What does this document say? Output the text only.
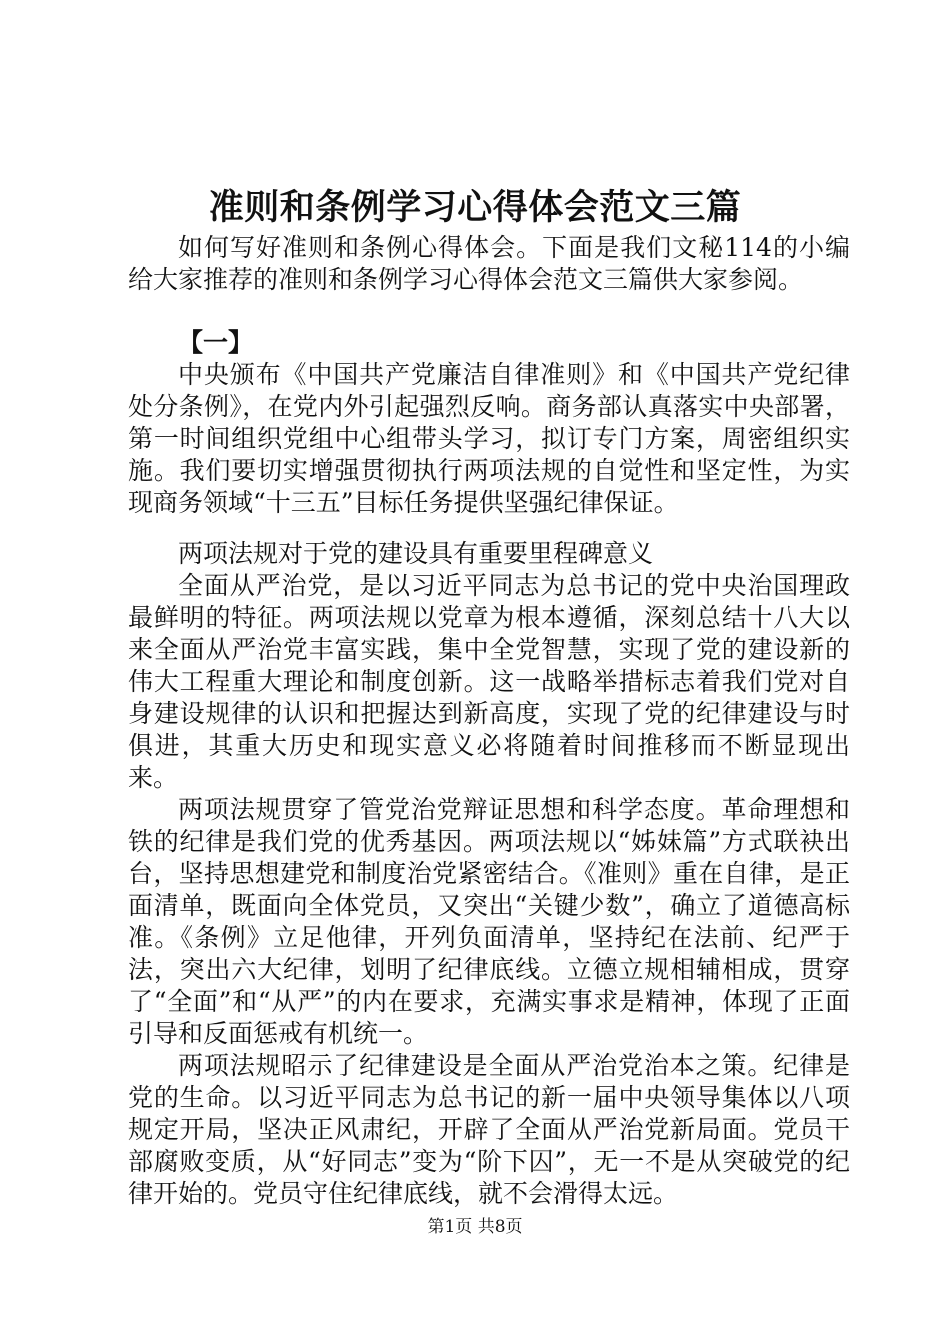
准则和条例学习心得体会范文三篇

如何写好准则和条例心得体会。下面是我们文秘114的小编给大家推荐的准则和条例学习心得体会范文三篇供大家参阅。

【一】

中央颁布《中国共产党廉洁自律准则》和《中国共产党纪律处分条例》，在党内外引起强烈反响。商务部认真落实中央部署，第一时间组织党组中心组带头学习，拟订专门方案，周密组织实施。我们要切实增强贯彻执行两项法规的自觉性和坚定性，为实现商务领域“十三五”目标任务提供坚强纪律保证。

两项法规对于党的建设具有重要里程碑意义

全面从严治党，是以习近平同志为总书记的党中央治国理政最鲜明的特征。两项法规以党章为根本遵循，深刻总结十八大以来全面从严治党丰富实践，集中全党智慧，实现了党的建设新的伟大工程重大理论和制度创新。这一战略举措标志着我们党对自身建设规律的认识和把握达到新高度，实现了党的纪律建设与时俱进，其重大历史和现实意义必将随着时间推移而不断显现出来。

两项法规贯穿了管党治党辩证思想和科学态度。革命理想和铁的纪律是我们党的优秀基因。两项法规以“姊妹篇”方式联袂出台，坚持思想建党和制度治党紧密结合。《准则》重在自律，是正面清单，既面向全体党员，又突出“关键少数”，确立了道德高标准。《条例》立足他律，开列负面清单，坚持纪在法前、纪严于法，突出六大纪律，划明了纪律底线。立德立规相辅相成，贯穿了“全面”和“从严”的内在要求，充满实事求是精神，体现了正面引导和反面惩戒有机统一。

两项法规昭示了纪律建设是全面从严治党治本之策。纪律是党的生命。以习近平同志为总书记的新一届中央领导集体以八项规定开局，坚决正风肃纪，开辟了全面从严治党新局面。党员干部腐败变质，从“好同志”变为“阶下囚”，无一不是从突破党的纪律开始的。党员守住纪律底线，就不会滑得太远。

第1页 共8页
